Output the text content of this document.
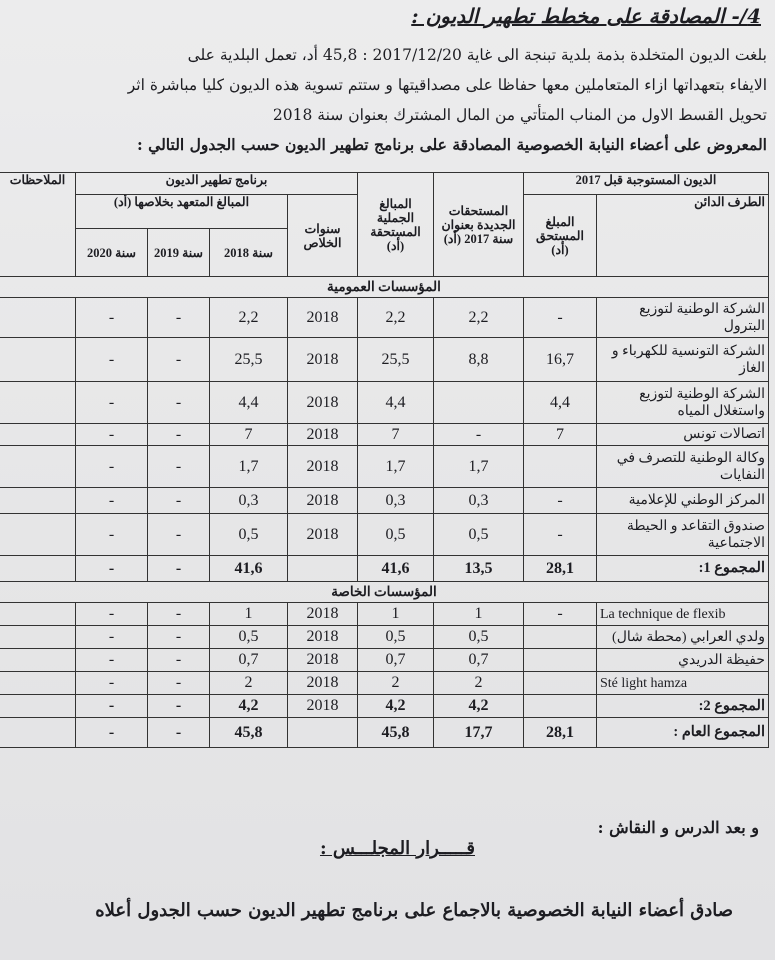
4/- المصادقة على مخطط تطهير الديون :
بلغت الديون المتخلدة بذمة بلدية تبنجة الى غاية 2017/12/20 : 45,8 أد، تعمل البلدية على
الايفاء بتعهداتها ازاء المتعاملين معها حفاظا على مصداقيتها و ستتم تسوية هذه الديون كليا مباشرة اثر
تحويل القسط الاول من المناب المتأتي من المال المشترك بعنوان سنة 2018
المعروض على أعضاء النيابة الخصوصية المصادقة على برنامج تطهير الديون حسب الجدول التالي :
الديون المستوجبة قبل 2017		المستحقات الجديدة بعنوان سنة 2017 (أد)	المبالغ الجملية المستحقة (أد)	برنامج تطهير الديون				الملاحظات
الطرف الدائن	المبلغ المستحق (أد)			سنوات الخلاص	المبالغ المتعهد بخلاصها (أد)			
					سنة 2018	سنة 2019	سنة 2020	
المؤسسات العمومية								
الشركة الوطنية لتوزيع البترول	-	2,2	2,2	2018	2,2	-	-	
الشركة التونسية للكهرباء و الغاز	16,7	8,8	25,5	2018	25,5	-	-	
الشركة الوطنية لتوزيع واستغلال المياه	4,4		4,4	2018	4,4	-	-	
اتصالات تونس	7	-	7	2018	7	-	-	
وكالة الوطنية للتصرف في النفايات		1,7	1,7	2018	1,7	-	-	
المركز الوطني للإعلامية	-	0,3	0,3	2018	0,3	-	-	
صندوق التقاعد و الحيطة الاجتماعية	-	0,5	0,5	2018	0,5	-	-	
المجموع 1:	28,1	13,5	41,6		41,6	-	-	
المؤسسات الخاصة								
La technique de flexib	-	1	1	2018	1	-	-	
ولدي العرابي (محطة شال)		0,5	0,5	2018	0,5	-	-	
حفيظة الدريدي		0,7	0,7	2018	0,7	-	-	
Sté light hamza		2	2	2018	2	-	-	
المجموع 2:		4,2	4,2	2018	4,2	-	-	
المجموع العام :	28,1	17,7	45,8		45,8	-	-	
و بعد الدرس و النقاش :
قـــــرار المجلـــس :
صادق أعضاء النيابة الخصوصية بالاجماع على برنامج تطهير الديون حسب الجدول أعلاه
